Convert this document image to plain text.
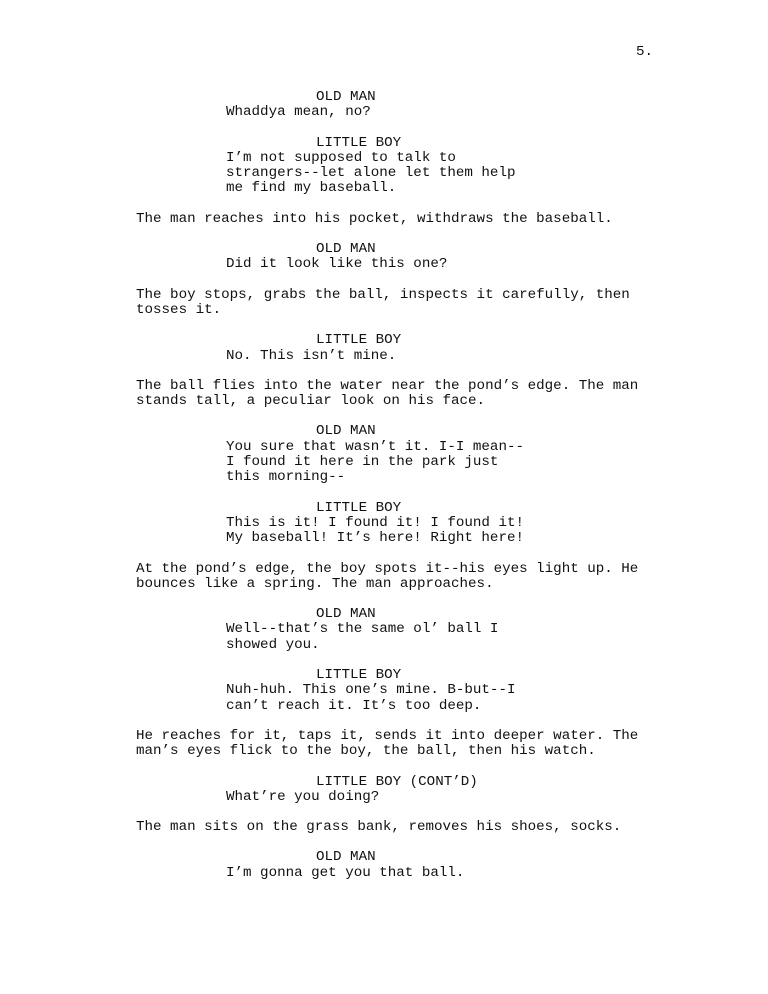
5.
OLD MAN
Whaddya mean, no?
LITTLE BOY
I’m not supposed to talk to
strangers--let alone let them help
me find my baseball.
The man reaches into his pocket, withdraws the baseball.
OLD MAN
Did it look like this one?
The boy stops, grabs the ball, inspects it carefully, then
tosses it.
LITTLE BOY
No. This isn’t mine.
The ball flies into the water near the pond’s edge. The man
stands tall, a peculiar look on his face.
OLD MAN
You sure that wasn’t it. I-I mean--
I found it here in the park just
this morning--
LITTLE BOY
This is it! I found it! I found it!
My baseball! It’s here! Right here!
At the pond’s edge, the boy spots it--his eyes light up. He
bounces like a spring. The man approaches.
OLD MAN
Well--that’s the same ol’ ball I
showed you.
LITTLE BOY
Nuh-huh. This one’s mine. B-but--I
can’t reach it. It’s too deep.
He reaches for it, taps it, sends it into deeper water. The
man’s eyes flick to the boy, the ball, then his watch.
LITTLE BOY (CONT’D)
What’re you doing?
The man sits on the grass bank, removes his shoes, socks.
OLD MAN
I’m gonna get you that ball.
